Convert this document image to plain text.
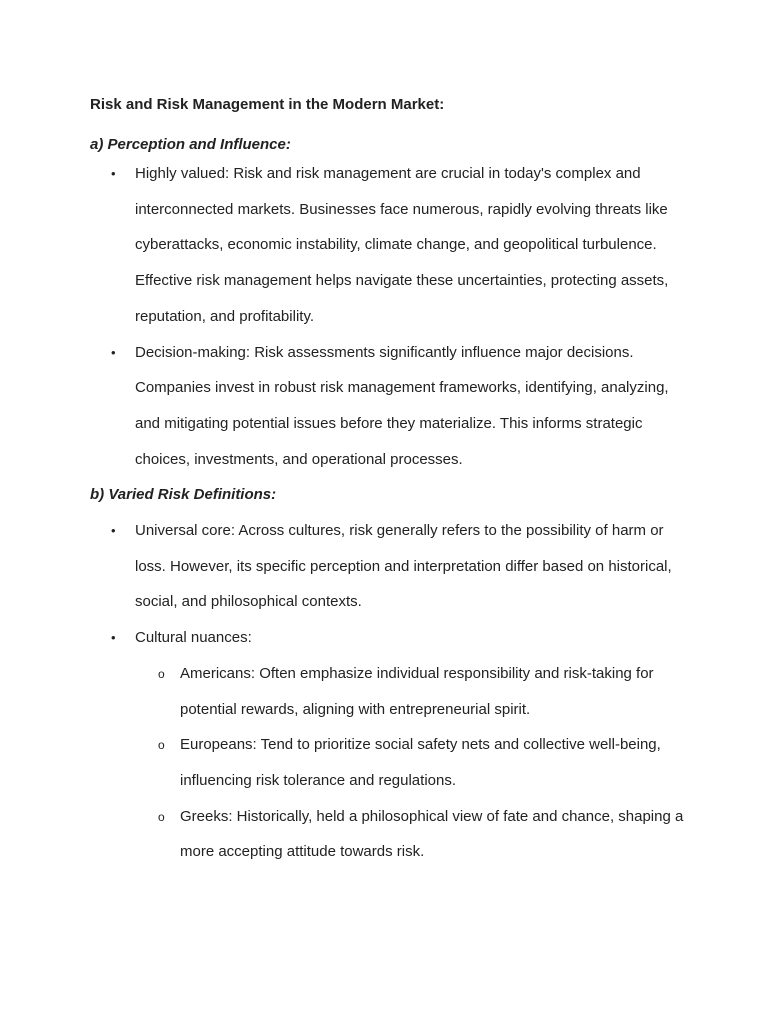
Risk and Risk Management in the Modern Market:
a) Perception and Influence:
• Highly valued: Risk and risk management are crucial in today's complex and interconnected markets. Businesses face numerous, rapidly evolving threats like cyberattacks, economic instability, climate change, and geopolitical turbulence. Effective risk management helps navigate these uncertainties, protecting assets, reputation, and profitability.
• Decision-making: Risk assessments significantly influence major decisions. Companies invest in robust risk management frameworks, identifying, analyzing, and mitigating potential issues before they materialize. This informs strategic choices, investments, and operational processes.
b) Varied Risk Definitions:
• Universal core: Across cultures, risk generally refers to the possibility of harm or loss. However, its specific perception and interpretation differ based on historical, social, and philosophical contexts.
• Cultural nuances:
o Americans: Often emphasize individual responsibility and risk-taking for potential rewards, aligning with entrepreneurial spirit.
o Europeans: Tend to prioritize social safety nets and collective well-being, influencing risk tolerance and regulations.
o Greeks: Historically, held a philosophical view of fate and chance, shaping a more accepting attitude towards risk.
